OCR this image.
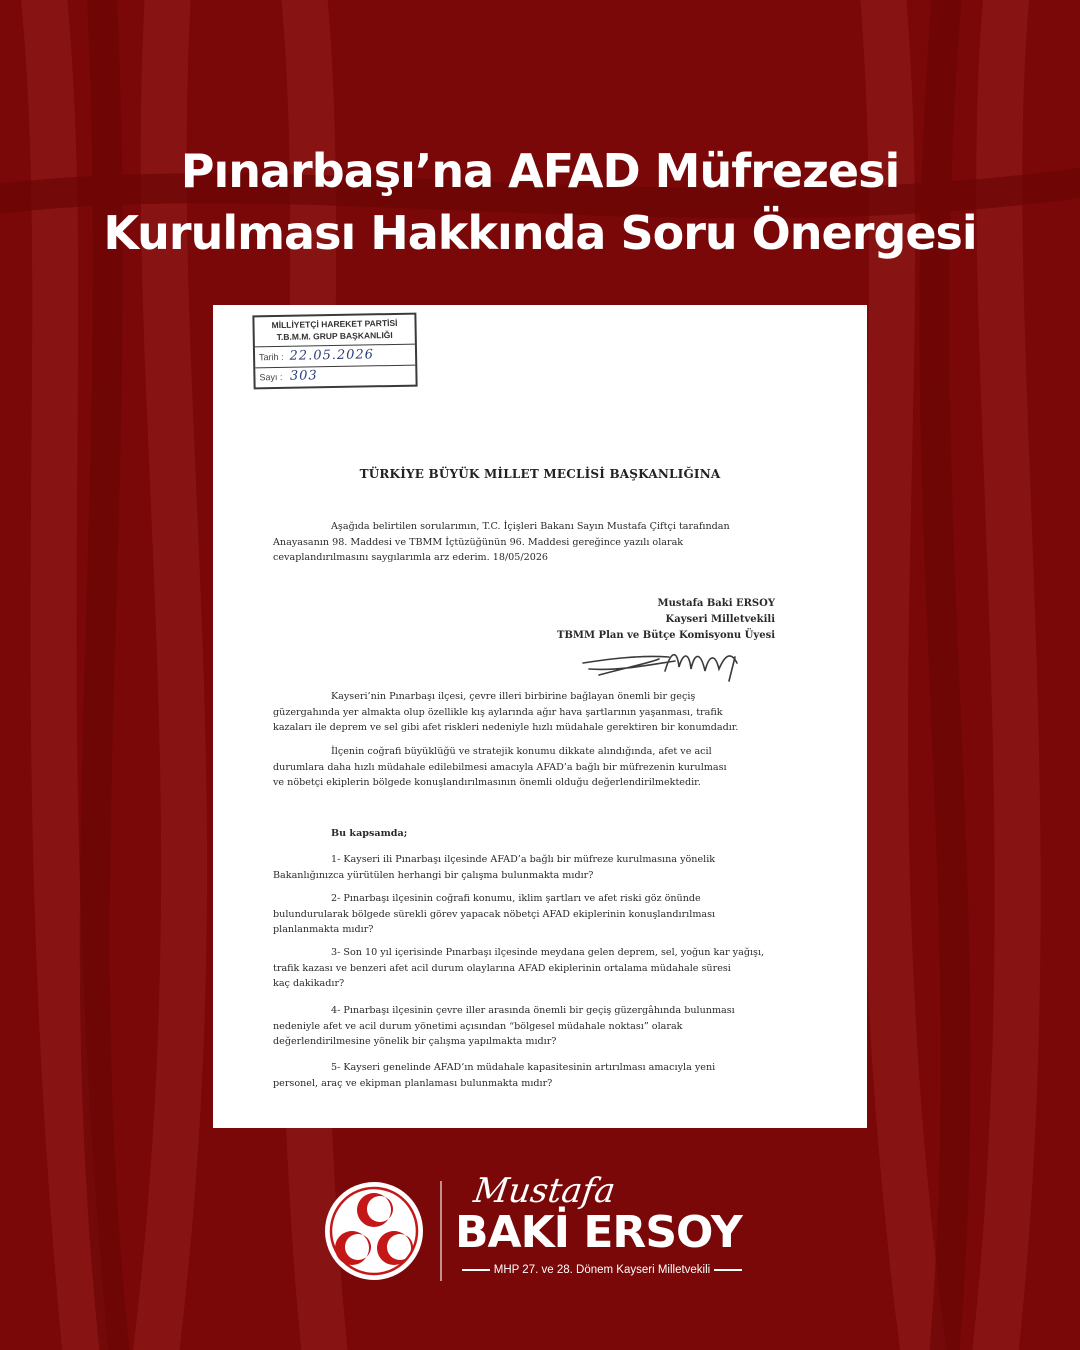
Pınarbaşı’na AFAD Müfrezesi
Kurulması Hakkında Soru Önergesi
MİLLİYETÇİ HAREKET PARTİSİ
T.B.M.M. GRUP BAŞKANLIĞI
Tarih : 22.05.2026
Sayı : 303
TÜRKİYE BÜYÜK MİLLET MECLİSİ BAŞKANLIĞINA
Aşağıda belirtilen sorularımın, T.C. İçişleri Bakanı Sayın Mustafa Çiftçi tarafından
Anayasanın 98. Maddesi ve TBMM İçtüzüğünün 96. Maddesi gereğince yazılı olarak
cevaplandırılmasını saygılarımla arz ederim. 18/05/2026
Mustafa Baki ERSOY
Kayseri Milletvekili
TBMM Plan ve Bütçe Komisyonu Üyesi
Kayseri’nin Pınarbaşı ilçesi, çevre illeri birbirine bağlayan önemli bir geçiş
güzergahında yer almakta olup özellikle kış aylarında ağır hava şartlarının yaşanması, trafik
kazaları ile deprem ve sel gibi afet riskleri nedeniyle hızlı müdahale gerektiren bir konumdadır.
İlçenin coğrafi büyüklüğü ve stratejik konumu dikkate alındığında, afet ve acil
durumlara daha hızlı müdahale edilebilmesi amacıyla AFAD’a bağlı bir müfrezenin kurulması
ve nöbetçi ekiplerin bölgede konuşlandırılmasının önemli olduğu değerlendirilmektedir.
Bu kapsamda;
1- Kayseri ili Pınarbaşı ilçesinde AFAD’a bağlı bir müfreze kurulmasına yönelik
Bakanlığınızca yürütülen herhangi bir çalışma bulunmakta mıdır?
2- Pınarbaşı ilçesinin coğrafi konumu, iklim şartları ve afet riski göz önünde
bulundurularak bölgede sürekli görev yapacak nöbetçi AFAD ekiplerinin konuşlandırılması
planlanmakta mıdır?
3- Son 10 yıl içerisinde Pınarbaşı ilçesinde meydana gelen deprem, sel, yoğun kar yağışı,
trafik kazası ve benzeri afet acil durum olaylarına AFAD ekiplerinin ortalama müdahale süresi
kaç dakikadır?
4- Pınarbaşı ilçesinin çevre iller arasında önemli bir geçiş güzergâhında bulunması
nedeniyle afet ve acil durum yönetimi açısından “bölgesel müdahale noktası” olarak
değerlendirilmesine yönelik bir çalışma yapılmakta mıdır?
5- Kayseri genelinde AFAD’ın müdahale kapasitesinin artırılması amacıyla yeni
personel, araç ve ekipman planlaması bulunmakta mıdır?
Mustafa
BAKİ ERSOY
MHP 27. ve 28. Dönem Kayseri Milletvekili
